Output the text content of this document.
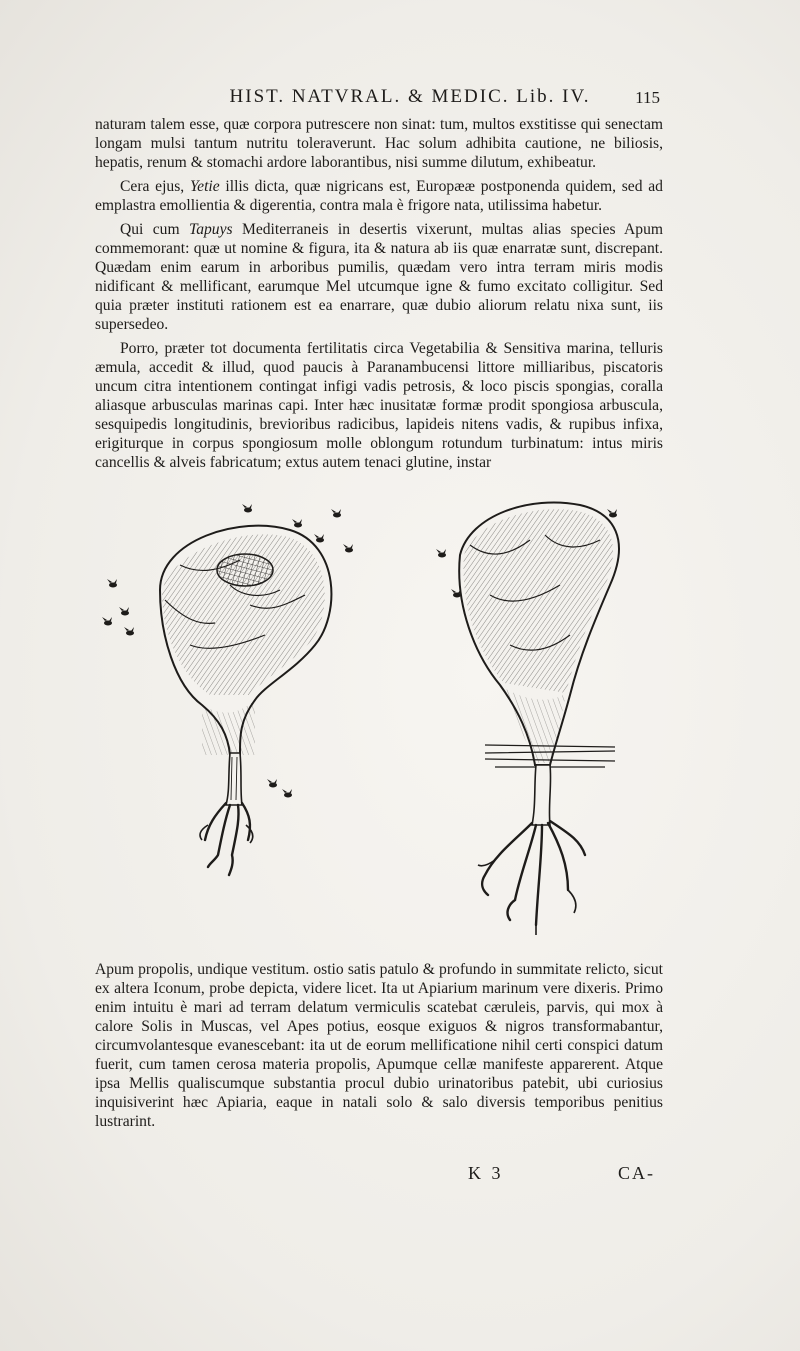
HIST. NATVRAL. & MEDIC. Lib. IV.	115

naturam talem esse, quæ corpora putrescere non sinat: tum, multos exstitisse qui senectam longam mulsi tantum nutritu toleraverunt. Hac solum adhibita cautione, ne biliosis, hepatis, renum & stomachi ardore laborantibus, nisi summe dilutum, exhibeatur.

Cera ejus, Yetie illis dicta, quæ nigricans est, Europææ postponenda quidem, sed ad emplastra emollientia & digerentia, contra mala è frigore nata, utilissima habetur.

Qui cum Tapuys Mediterraneis in desertis vixerunt, multas alias species Apum commemorant: quæ ut nomine & figura, ita & natura ab iis quæ enarratæ sunt, discrepant. Quædam enim earum in arboribus pumilis, quædam vero intra terram miris modis nidificant & mellificant, earumque Mel utcumque igne & fumo excitato colligitur. Sed quia præter instituti rationem est ea enarrare, quæ dubio aliorum relatu nixa sunt, iis supersedeo.

Porro, præter tot documenta fertilitatis circa Vegetabilia & Sensitiva marina, telluris æmula, accedit & illud, quod paucis à Paranambucensi littore milliaribus, piscatoris uncum citra intentionem contingat infigi vadis petrosis, & loco piscis spongias, coralla aliasque arbusculas marinas capi. Inter hæc inusitatæ formæ prodit spongiosa arbuscula, sesquipedis longitudinis, brevioribus radicibus, lapideis nitens vadis, & rupibus infixa, erigiturque in corpus spongiosum molle oblongum rotundum turbinatum: intus miris cancellis & alveis fabricatum; extus autem tenaci glutine, instar

Apum propolis, undique vestitum. ostio satis patulo & profundo in summitate relicto, sicut ex altera Iconum, probe depicta, videre licet. Ita ut Apiarium marinum vere dixeris. Primo enim intuitu è mari ad terram delatum vermiculis scatebat cæruleis, parvis, qui mox à calore Solis in Muscas, vel Apes potius, eosque exiguos & nigros transformabantur, circumvolantesque evanescebant: ita ut de eorum mellificatione nihil certi conspici datum fuerit, cum tamen cerosa materia propolis, Apumque cellæ manifeste apparerent. Atque ipsa Mellis qualiscumque substantia procul dubio urinatoribus patebit, ubi curiosius inquisiverint hæc Apiaria, eaque in natali solo & salo diversis temporibus penitius lustrarint.

K 3	CA-
